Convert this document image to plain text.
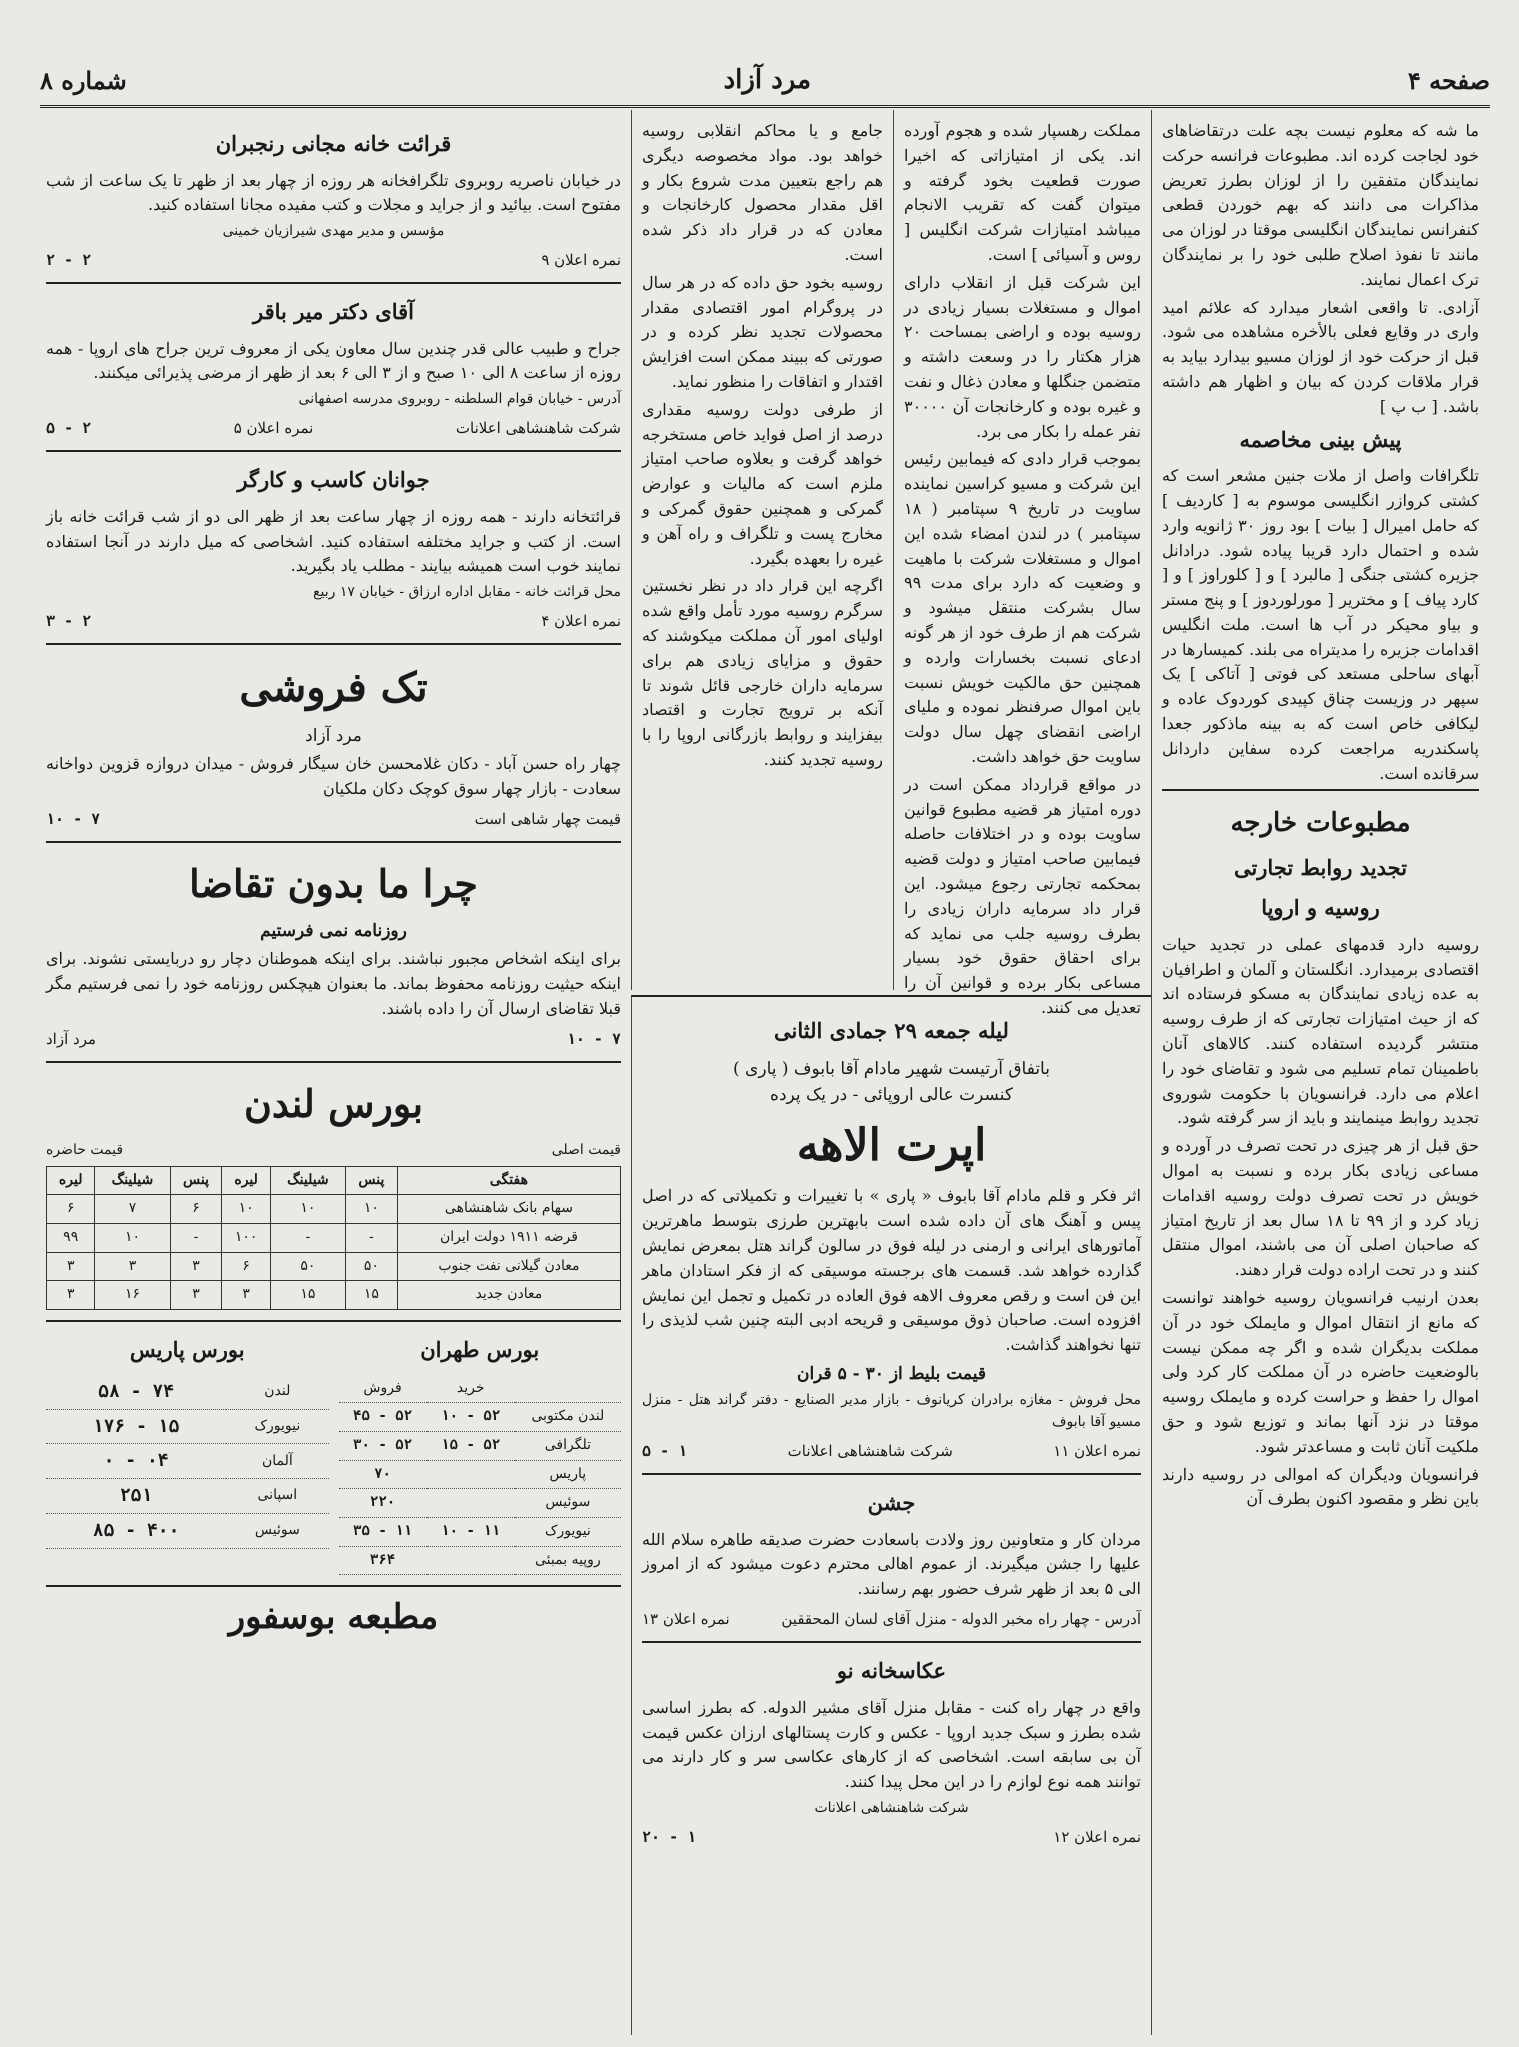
صفحه ۴
مرد آزاد
شماره ۸

ما شه که معلوم نیست بچه علت درتقاضاهای خود لجاجت کرده اند. مطبوعات فرانسه حرکت نمایندگان متفقین را از لوزان بطرز تعریض مذاکرات می دانند که بهم خوردن قطعی کنفرانس نمایندگان انگلیسی موقتا در لوزان می مانند تا نفوذ اصلاح طلبی خود را بر نمایندگان ترک اعمال نمایند.

آزادی. تا واقعی اشعار میدارد که علائم امید واری در وقایع فعلی بالأخره مشاهده می شود. قبل از حرکت خود از لوزان مسیو بیدارد بیاید به قرار ملاقات کردن که بیان و اظهار هم داشته باشد. [ ب پ ]

پیش بینی مخاصمه

تلگرافات واصل از ملات جنین مشعر است که کشتی کروازر انگلیسی موسوم به [ کاردیف ] که حامل امیرال [ بیات ] بود روز ۳۰ ژانویه وارد شده و احتمال دارد قریبا پیاده شود. درادانل جزیره کشتی جنگی [ مالبرد ] و [ کلوراوز ] و [ کارد پیاف ] و مختریر [ مورلوردوز ] و پنج مستر و بیاو محیکر در آب ها است. ملت انگلیس اقدامات جزیره را مدیتراه می بلند. کمیسارها در آبهای ساحلی مستعد کی فوتی [ آتاکی ] یک سپهر در وزیست چناق کپیدی کوردوک عاده و لیکافی خاص است که به بینه ماذکور جعدا پاسکندریه مراجعت کرده سفاین داردانل سرقانده است.

مطبوعات خارجه
تجدید روابط تجارتی
روسیه و اروپا

روسیه دارد قدمهای عملی در تجدید حیات اقتصادی برمیدارد. انگلستان و آلمان و اطرافیان به عده زیادی نمایندگان به مسکو فرستاده اند که از حیث امتیازات تجارتی که از طرف روسیه منتشر گردیده استفاده کنند. کالاهای آنان باطمینان تمام تسلیم می شود و تقاضای خود را اعلام می دارد. فرانسویان با حکومت شوروی تجدید روابط مینمایند و باید از سر گرفته شود.

حق قبل از هر چیزی در تحت تصرف در آورده و مساعی زیادی بکار برده و نسبت به اموال خویش در تحت تصرف دولت روسیه اقدامات زیاد کرد و از ۹۹ تا ۱۸ سال بعد از تاریخ امتیاز که صاحبان اصلی آن می باشند، اموال منتقل کنند و در تحت اراده دولت قرار دهند.

بعدن ارنیب فرانسویان روسیه خواهند توانست که مانع از انتقال اموال و مایملک خود در آن مملکت بدیگران شده و اگر چه ممکن نیست بالوضعیت حاضره در آن مملکت کار کرد ولی اموال را حفظ و حراست کرده و مایملک روسیه موقتا در نزد آنها بماند و توزیع شود و حق ملکیت آنان ثابت و مساعدتر شود.

فرانسویان ودیگران که اموالی در روسیه دارند باین نظر و مقصود اکنون بطرف آن

مملکت رهسپار شده و هجوم آورده اند. یکی از امتیازاتی که اخیرا صورت قطعیت بخود گرفته و میتوان گفت که تقریب الانجام میباشد امتیازات شرکت انگلیس [ روس و آسیائی ] است.

این شرکت قبل از انقلاب دارای اموال و مستغلات بسیار زیادی در روسیه بوده و اراضی بمساحت ۲۰ هزار هکتار را در وسعت داشته و متضمن جنگلها و معادن ذغال و نفت و غیره بوده و کارخانجات آن ۳۰۰۰۰ نفر عمله را بکار می برد.

بموجب قرار دادی که فیمابین رئیس این شرکت و مسیو کراسین نماینده ساویت در تاریخ ۹ سپتامبر ( ۱۸ سپتامبر ) در لندن امضاء شده این اموال و مستغلات شرکت با ماهیت و وضعیت که دارد برای مدت ۹۹ سال بشرکت منتقل میشود و شرکت هم از طرف خود از هر گونه ادعای نسبت بخسارات وارده و همچنین حق مالکیت خویش نسبت باین اموال صرفنظر نموده و ملیای اراضی انقضای چهل سال دولت ساویت حق خواهد داشت.

در مواقع قرارداد ممکن است در دوره امتیاز هر قضیه مطبوع قوانین ساویت بوده و در اختلافات حاصله فیمابین صاحب امتیاز و دولت قضیه بمحکمه تجارتی رجوع میشود. این قرار داد سرمایه داران زیادی را بطرف روسیه جلب می نماید که برای احقاق حقوق خود بسیار مساعی بکار برده و قوانین آن را تعدیل می کنند.

جامع و یا محاکم انقلابی روسیه خواهد بود. مواد مخصوصه دیگری هم راجع بتعیین مدت شروع بکار و اقل مقدار محصول کارخانجات و معادن که در قرار داد ذکر شده است.

روسیه بخود حق داده که در هر سال در پروگرام امور اقتصادی مقدار محصولات تجدید نظر کرده و در صورتی که ببیند ممکن است افزایش اقتدار و اتفاقات را منظور نماید.

از طرفی دولت روسیه مقداری درصد از اصل فواید خاص مستخرجه خواهد گرفت و بعلاوه صاحب امتیاز ملزم است که مالیات و عوارض گمرکی و همچنین حقوق گمرکی و مخارج پست و تلگراف و راه آهن و غیره را بعهده بگیرد.

اگرچه این قرار داد در نظر نخستین سرگرم روسیه مورد تأمل واقع شده اولیای امور آن مملکت میکوشند که حقوق و مزایای زیادی هم برای سرمایه داران خارجی قائل شوند تا آنکه بر ترویج تجارت و اقتصاد بیفزایند و روابط بازرگانی اروپا را با روسیه تجدید کنند.

لیله جمعه ۲۹ جمادی الثانی
باتفاق آرتیست شهیر مادام آقا بابوف ( پاری )
کنسرت عالی اروپائی - در یک پرده
اپرت الاهه

اثر فکر و قلم مادام آقا بابوف « پاری » با تغییرات و تکمیلاتی که در اصل پیس و آهنگ های آن داده شده است بابهترین طرزی بتوسط ماهرترین آماتورهای ایرانی و ارمنی در لیله فوق در سالون گراند هتل بمعرض نمایش گذارده خواهد شد. قسمت های برجسته موسیقی که از فکر استادان ماهر این فن است و رقص معروف الاهه فوق العاده در تکمیل و تجمل این نمایش افزوده است. صاحبان ذوق موسیقی و قریحه ادبی البته چنین شب لذیذی را تنها نخواهند گذاشت.

قیمت بلیط از ۳۰ - ۵ قران

محل فروش - مغازه برادران کریانوف - بازار مدیر الصنایع - دفتر گراند هتل - منزل مسیو آقا بابوف

نمره اعلان ۱۱
شرکت شاهنشاهی اعلانات
۱ - ۵
جشن

مردان کار و متعاونین روز ولادت باسعادت حضرت صدیقه طاهره سلام الله علیها را جشن میگیرند. از عموم اهالی محترم دعوت میشود که از امروز الی ۵ بعد از ظهر شرف حضور بهم رسانند.

آدرس - چهار راه مخبر الدوله - منزل آقای لسان المحققین
نمره اعلان ۱۳
عکاسخانه نو

واقع در چهار راه کنت - مقابل منزل آقای مشیر الدوله. که بطرز اساسی شده بطرز و سبک جدید اروپا - عکس و کارت پستالهای ارزان عکس قیمت آن بی سابقه است. اشخاصی که از کارهای عکاسی سر و کار دارند می توانند همه نوع لوازم را در این محل پیدا کنند.

شرکت شاهنشاهی اعلانات
نمره اعلان ۱۲
۱ - ۲۰
قرائت خانه مجانی رنجبران

در خیابان ناصریه روبروی تلگرافخانه هر روزه از چهار بعد از ظهر تا یک ساعت از شب مفتوح است. بیائید و از جراید و مجلات و کتب مفیده مجانا استفاده کنید.

مؤسس و مدیر مهدی شیرازیان خمینی
نمره اعلان ۹
۲ - ۲
آقای دکتر میر باقر

جراح و طبیب عالی قدر چندین سال معاون یکی از معروف ترین جراح های اروپا - همه روزه از ساعت ۸ الی ۱۰ صبح و از ۳ الی ۶ بعد از ظهر از مرضی پذیرائی میکنند.

آدرس - خیابان قوام السلطنه - روبروی مدرسه اصفهانی

شرکت شاهنشاهی اعلانات
نمره اعلان ۵
۲ - ۵
جوانان کاسب و کارگر

قرائتخانه دارند - همه روزه از چهار ساعت بعد از ظهر الی دو از شب قرائت خانه باز است. از کتب و جراید مختلفه استفاده کنید. اشخاصی که میل دارند در آنجا استفاده نمایند خوب است همیشه بیایند - مطلب یاد بگیرید.

محل قرائت خانه - مقابل اداره ارزاق - خیابان ۱۷ ربیع

نمره اعلان ۴
۲ - ۳
تک فروشی
مرد آزاد

چهار راه حسن آباد - دکان غلامحسن خان سیگار فروش - میدان دروازه قزوین دواخانه سعادت - بازار چهار سوق کوچک دکان ملکیان

قیمت چهار شاهی است
۷ - ۱۰
چرا ما بدون تقاضا
روزنامه نمی فرستیم

برای اینکه اشخاص مجبور نباشند. برای اینکه هموطنان دچار رو دربایستی نشوند. برای اینکه حیثیت روزنامه محفوظ بماند. ما بعنوان هیچکس روزنامه خود را نمی فرستیم مگر قبلا تقاضای ارسال آن را داده باشند.

۷ - ۱۰
مرد آزاد
بورس لندن
قیمت اصلی
قیمت حاضره
هفتگی	پنس	شیلینگ	لیره	پنس	شیلینگ	لیره
سهام بانک شاهنشاهی	۱۰	۱۰	۱۰	۶	۷	۶
قرضه ۱۹۱۱ دولت ایران	-	-	۱۰۰	-	۱۰	۹۹
معادن گیلانی نفت جنوب	۵۰	۵۰	۶	۳	۳	۳
معادن جدید	۱۵	۱۵	۳	۳	۱۶	۳
بورس طهران
	خرید	فروش
لندن مکتوبی	۵۲ - ۱۰	۵۲ - ۴۵
تلگرافی	۵۲ - ۱۵	۵۲ - ۳۰
پاریس		۷۰
سوئیس		۲۲۰
نیویورک	۱۱ - ۱۰	۱۱ - ۳۵
روپیه بمبئی		۳۶۴
بورس پاریس
لندن	۷۴ - ۵۸
نیویورک	۱۵ - ۱۷۶
آلمان	۰۴ - ۰
اسپانی	۲۵۱
سوئیس	۴۰۰ - ۸۵
مطبعه بوسفور
